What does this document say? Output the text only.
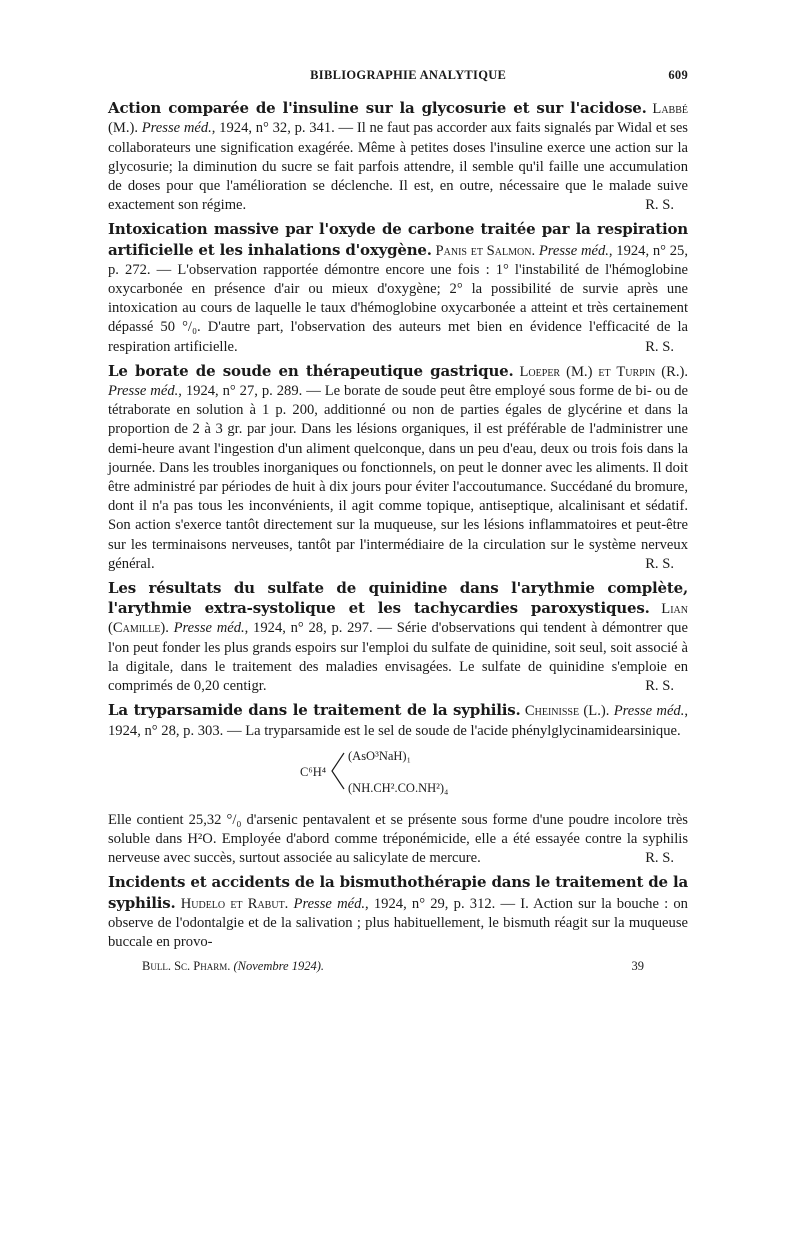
BIBLIOGRAPHIE ANALYTIQUE	609

Action comparée de l'insuline sur la glycosurie et sur l'acidose. Labbé (M.). Presse méd., 1924, n° 32, p. 341. — Il ne faut pas accorder aux faits signalés par Widal et ses collaborateurs une signification exagérée. Même à petites doses l'insuline exerce une action sur la glycosurie; la diminution du sucre se fait parfois attendre, il semble qu'il faille une accumulation de doses pour que l'amélioration se déclenche. Il est, en outre, nécessaire que le malade suive exactement son régime.	R. S.

Intoxication massive par l'oxyde de carbone traitée par la respiration artificielle et les inhalations d'oxygène. Panis et Salmon. Presse méd., 1924, n° 25, p. 272. — L'observation rapportée démontre encore une fois : 1° l'instabilité de l'hémoglobine oxycarbonée en présence d'air ou mieux d'oxygène; 2° la possibilité de survie après une intoxication au cours de laquelle le taux d'hémoglobine oxycarbonée a atteint et très certainement dépassé 50 °/₀. D'autre part, l'observation des auteurs met bien en évidence l'efficacité de la respiration artificielle.	R. S.

Le borate de soude en thérapeutique gastrique. Loeper (M.) et Turpin (R.). Presse méd., 1924, n° 27, p. 289. — Le borate de soude peut être employé sous forme de bi- ou de tétraborate en solution à 1 p. 200, additionné ou non de parties égales de glycérine et dans la proportion de 2 à 3 gr. par jour. Dans les lésions organiques, il est préférable de l'administrer une demi-heure avant l'ingestion d'un aliment quelconque, dans un peu d'eau, deux ou trois fois dans la journée. Dans les troubles inorganiques ou fonctionnels, on peut le donner avec les aliments. Il doit être administré par périodes de huit à dix jours pour éviter l'accoutumance. Succédané du bromure, dont il n'a pas tous les inconvénients, il agit comme topique, antiseptique, alcalinisant et sédatif. Son action s'exerce tantôt directement sur la muqueuse, sur les lésions inflammatoires et peut-être sur les terminaisons nerveuses, tantôt par l'intermédiaire de la circulation sur le système nerveux général.	R. S.

Les résultats du sulfate de quinidine dans l'arythmie complète, l'arythmie extra-systolique et les tachycardies paroxystiques. Lian (Camille). Presse méd., 1924, n° 28, p. 297. — Série d'observations qui tendent à démontrer que l'on peut fonder les plus grands espoirs sur l'emploi du sulfate de quinidine, soit seul, soit associé à la digitale, dans le traitement des maladies envisagées. Le sulfate de quinidine s'emploie en comprimés de 0,20 centigr.	R. S.

La tryparsamide dans le traitement de la syphilis. Cheinisse (L.). Presse méd., 1924, n° 28, p. 303. — La tryparsamide est le sel de soude de l'acide phénylglycinamidearsinique.

C⁶H⁴
(AsO³NaH)₁
(NH.CH².CO.NH²)₄

Elle contient 25,32 °/₀ d'arsenic pentavalent et se présente sous forme d'une poudre incolore très soluble dans H²O. Employée d'abord comme tréponémicide, elle a été essayée contre la syphilis nerveuse avec succès, surtout associée au salicylate de mercure.	R. S.

Incidents et accidents de la bismuthothérapie dans le traitement de la syphilis. Hudelo et Rabut. Presse méd., 1924, n° 29, p. 312. — I. Action sur la bouche : on observe de l'odontalgie et de la salivation ; plus habituellement, le bismuth réagit sur la muqueuse buccale en provo-

Bull. Sc. Pharm. (Novembre 1924).	39
